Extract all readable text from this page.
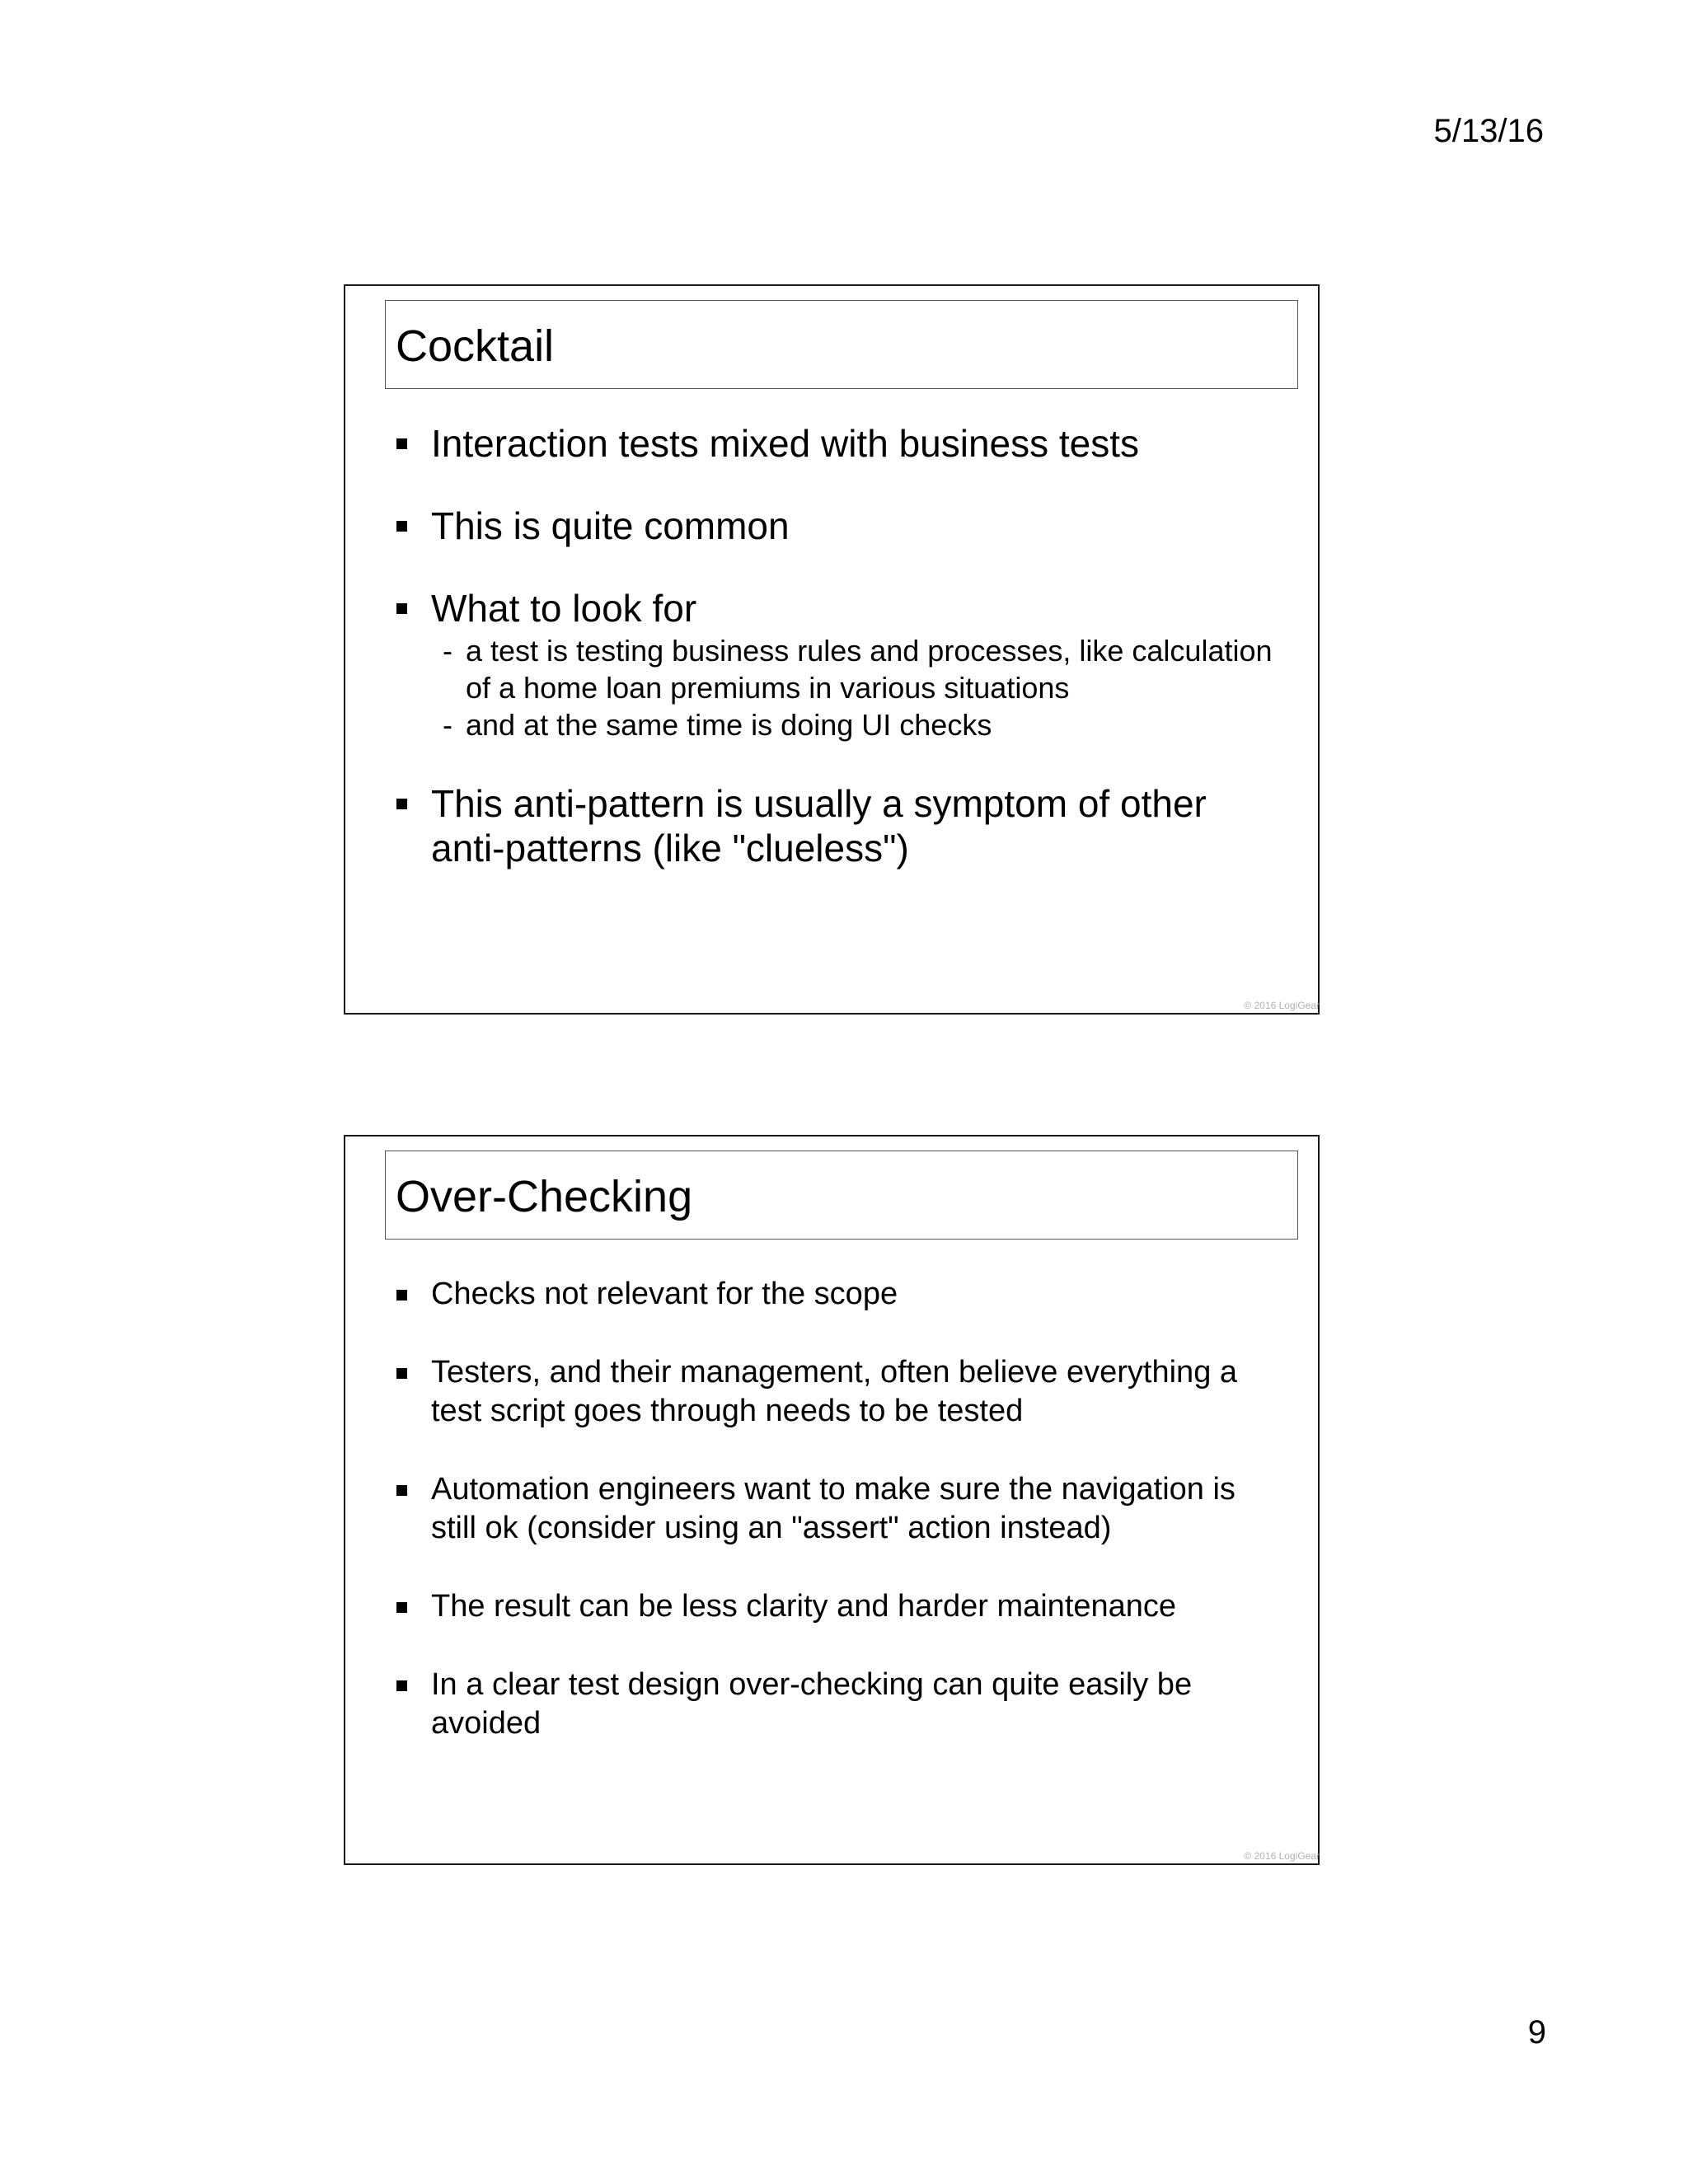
5/13/16
Cocktail
Interaction tests mixed with business tests
This is quite common
What to look for
- a test is testing business rules and processes, like calculation of a home loan premiums in various situations
- and at the same time is doing UI checks
This anti-pattern is usually a symptom of other anti-patterns (like "clueless")
© 2016 LogiGear
Over-Checking
Checks not relevant for the scope
Testers, and their management, often believe everything a test script goes through needs to be tested
Automation engineers want to make sure the navigation is still ok (consider using an "assert" action instead)
The result can be less clarity and harder maintenance
In a clear test design over-checking can quite easily be avoided
© 2016 LogiGear
9
